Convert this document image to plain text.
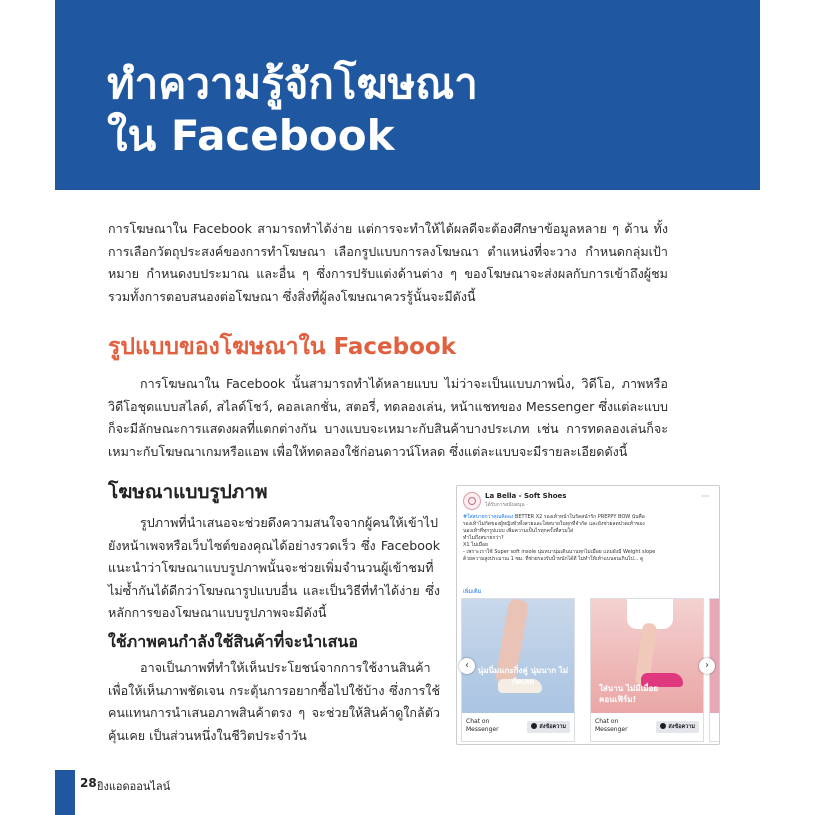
ทำความรู้จักโฆษณา
ใน Facebook

การโฆษณาใน Facebook สามารถทำได้ง่าย แต่การจะทำให้ได้ผลดีจะต้องศึกษาข้อมูลหลาย ๆ ด้าน ทั้งการเลือกวัตถุประสงค์ของการทำโฆษณา เลือกรูปแบบการลงโฆษณา ตำแหน่งที่จะวาง กำหนดกลุ่มเป้าหมาย กำหนดงบประมาณ และอื่น ๆ ซึ่งการปรับแต่งด้านต่าง ๆ ของโฆษณาจะส่งผลกับการเข้าถึงผู้ชม รวมทั้งการตอบสนองต่อโฆษณา ซึ่งสิ่งที่ผู้ลงโฆษณาควรรู้นั้นจะมีดังนี้

รูปแบบของโฆษณาใน Facebook

การโฆษณาใน Facebook นั้นสามารถทำได้หลายแบบ ไม่ว่าจะเป็นแบบภาพนิ่ง, วิดีโอ, ภาพหรือวิดีโอชุดแบบสไลด์, สไลด์โชว์, คอลเลกชั่น, สตอรี่, ทดลองเล่น, หน้าแชทของ Messenger ซึ่งแต่ละแบบก็จะมีลักษณะการแสดงผลที่แตกต่างกัน บางแบบจะเหมาะกับสินค้าบางประเภท เช่น การทดลองเล่นก็จะเหมาะกับโฆษณาเกมหรือแอพ เพื่อให้ทดลองใช้ก่อนดาวน์โหลด ซึ่งแต่ละแบบจะมีรายละเอียดดังนี้

โฆษณาแบบรูปภาพ

รูปภาพที่นำเสนอจะช่วยดึงความสนใจจากผู้คนให้เข้าไปยังหน้าเพจหรือเว็บไซต์ของคุณได้อย่างรวดเร็ว ซึ่ง Facebook แนะนำว่าโฆษณาแบบรูปภาพนั้นจะช่วยเพิ่มจำนวนผู้เข้าชมที่ไม่ซ้ำกันได้ดีกว่าโฆษณารูปแบบอื่น และเป็นวิธีที่ทำได้ง่าย ซึ่งหลักการของโฆษณาแบบรูปภาพจะมีดังนี้

ใช้ภาพคนกำลังใช้สินค้าที่จะนำเสนอ

อาจเป็นภาพที่ทำให้เห็นประโยชน์จากการใช้งานสินค้า เพื่อให้เห็นภาพชัดเจน กระตุ้นการอยากซื้อไปใช้บ้าง ซึ่งการใช้คนแทนการนำเสนอภาพสินค้าตรง ๆ จะช่วยให้สินค้าดูใกล้ตัว คุ้นเคย เป็นส่วนหนึ่งในชีวิตประจำวัน

La Bella - Soft Shoes
ได้รับการสนับสนุน ·
···

#ใส่สบายกว่าคุณคิดอง BETTER X2 รองเท้าหน้าในรัดสนำรัก PREPPY BOW นับคือ
รองเท้าไม่กัดของผู้หญิงทั่วทั้งสวยและใส่สบายในทุกที่จำกัด และยังช่วยลดปวดเท้าของ
นองเท้าที่ทุกรูปแบบ เพิ่มความเป็นไรทุกครั้งที่สวมใส่
ทำไมถึงสบายกว่า?
X1 ไม่เมื่อย
- เพราะเราใช้ Super soft insole นุ่มหนานุ่มเดินนานทุกไม่เมื่อย แถมยังมี Weight slope
ด้วยความสูงประมาณ 1 ซม. ที่ช่วยรองรับน้ำหนักได้ดี ไม่ทำให้เท้าแบนจนเกินไป... ดู

เพิ่มเติม

นุ่มนิ่มแกะกิ่งคู่ นุ่มนาก ไม่กัดเลย

Chat on Messenger	ส่งข้อความ

ใส่นาน ไม่มีเมื่อย คอนเฟิร์ม!

Chat on Messenger	ส่งข้อความ
‹	›
28 ยิงแอดออนไลน์
